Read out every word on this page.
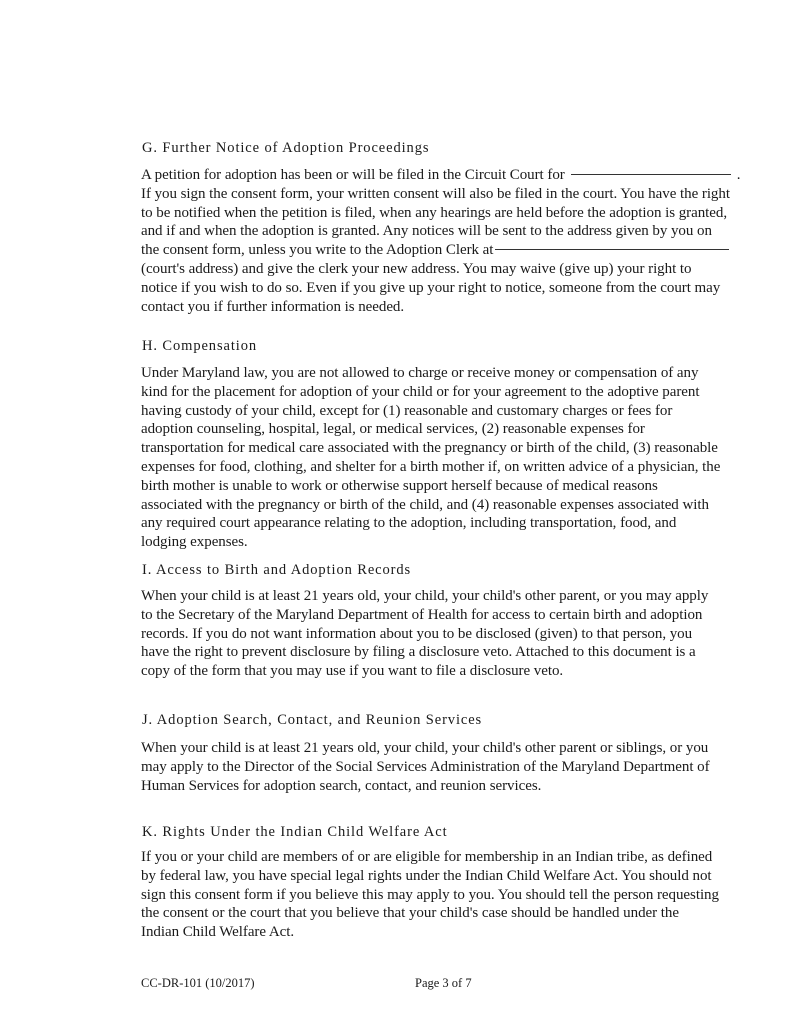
G. Further Notice of Adoption Proceedings
A petition for adoption has been or will be filed in the Circuit Court for	.
If you sign the consent form, your written consent will also be filed in the court. You have the right
to be notified when the petition is filed, when any hearings are held before the adoption is granted,
and if and when the adoption is granted. Any notices will be sent to the address given by you on
the consent form, unless you write to the Adoption Clerk at
(court's address) and give the clerk your new address. You may waive (give up) your right to
notice if you wish to do so. Even if you give up your right to notice, someone from the court may
contact you if further information is needed.
H. Compensation
Under Maryland law, you are not allowed to charge or receive money or compensation of any
kind for the placement for adoption of your child or for your agreement to the adoptive parent
having custody of your child, except for (1) reasonable and customary charges or fees for
adoption counseling, hospital, legal, or medical services, (2) reasonable expenses for
transportation for medical care associated with the pregnancy or birth of the child, (3) reasonable
expenses for food, clothing, and shelter for a birth mother if, on written advice of a physician, the
birth mother is unable to work or otherwise support herself because of medical reasons
associated with the pregnancy or birth of the child, and (4) reasonable expenses associated with
any required court appearance relating to the adoption, including transportation, food, and
lodging expenses.
I. Access to Birth and Adoption Records
When your child is at least 21 years old, your child, your child's other parent, or you may apply
to the Secretary of the Maryland Department of Health for access to certain birth and adoption
records. If you do not want information about you to be disclosed (given) to that person, you
have the right to prevent disclosure by filing a disclosure veto. Attached to this document is a
copy of the form that you may use if you want to file a disclosure veto.
J. Adoption Search, Contact, and Reunion Services
When your child is at least 21 years old, your child, your child's other parent or siblings, or you
may apply to the Director of the Social Services Administration of the Maryland Department of
Human Services for adoption search, contact, and reunion services.
K. Rights Under the Indian Child Welfare Act
If you or your child are members of or are eligible for membership in an Indian tribe, as defined
by federal law, you have special legal rights under the Indian Child Welfare Act. You should not
sign this consent form if you believe this may apply to you. You should tell the person requesting
the consent or the court that you believe that your child's case should be handled under the
Indian Child Welfare Act.
CC-DR-101 (10/2017)	Page 3 of 7
